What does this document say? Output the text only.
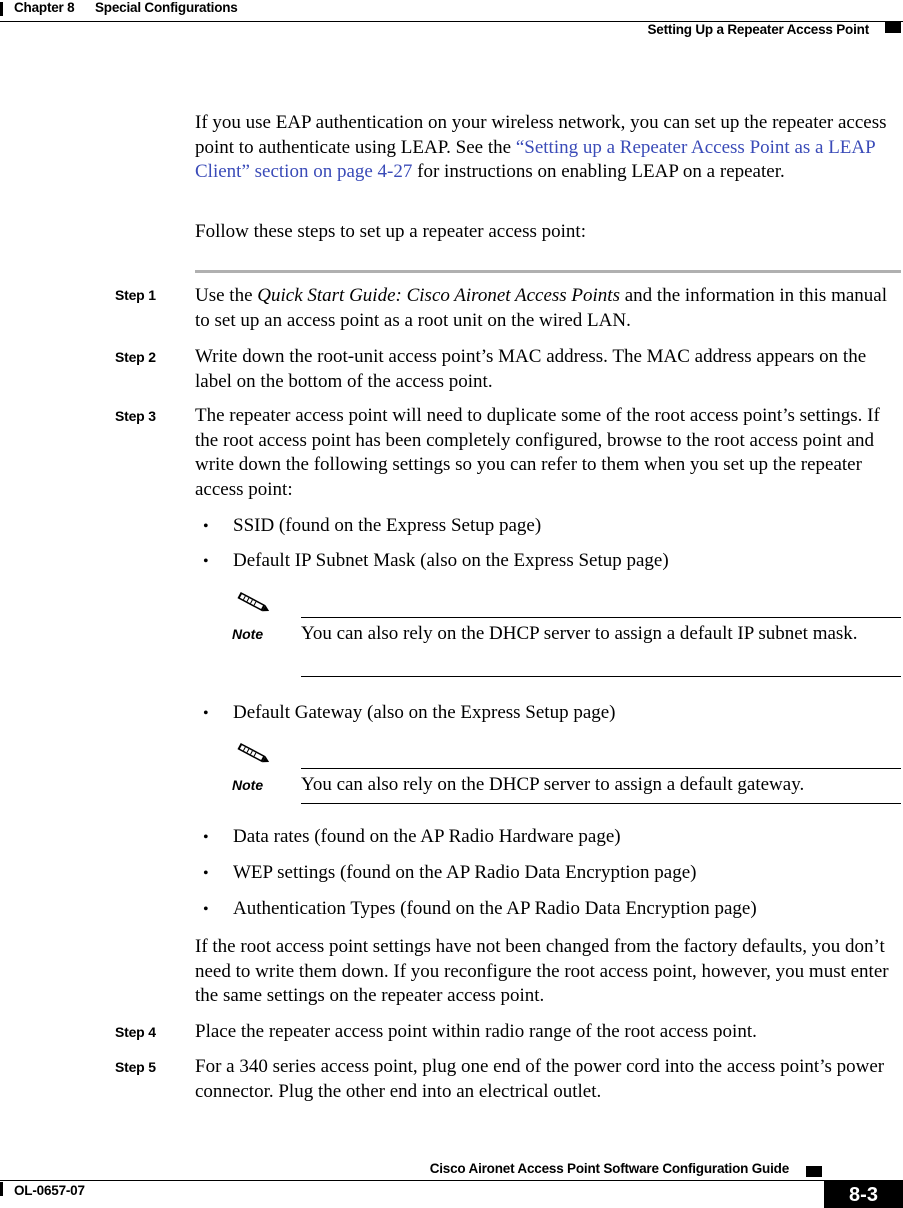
Chapter 8 Special Configurations
Setting Up a Repeater Access Point
If you use EAP authentication on your wireless network, you can set up the repeater access point to authenticate using LEAP. See the “Setting up a Repeater Access Point as a LEAP Client” section on page 4-27 for instructions on enabling LEAP on a repeater.
Follow these steps to set up a repeater access point:
Step 1 Use the Quick Start Guide: Cisco Aironet Access Points and the information in this manual to set up an access point as a root unit on the wired LAN.
Step 2 Write down the root-unit access point’s MAC address. The MAC address appears on the label on the bottom of the access point.
Step 3 The repeater access point will need to duplicate some of the root access point’s settings. If the root access point has been completely configured, browse to the root access point and write down the following settings so you can refer to them when you set up the repeater access point:
• SSID (found on the Express Setup page)
• Default IP Subnet Mask (also on the Express Setup page)
Note You can also rely on the DHCP server to assign a default IP subnet mask.
• Default Gateway (also on the Express Setup page)
Note You can also rely on the DHCP server to assign a default gateway.
• Data rates (found on the AP Radio Hardware page)
• WEP settings (found on the AP Radio Data Encryption page)
• Authentication Types (found on the AP Radio Data Encryption page)
If the root access point settings have not been changed from the factory defaults, you don’t need to write them down. If you reconfigure the root access point, however, you must enter the same settings on the repeater access point.
Step 4 Place the repeater access point within radio range of the root access point.
Step 5 For a 340 series access point, plug one end of the power cord into the access point’s power connector. Plug the other end into an electrical outlet.
Cisco Aironet Access Point Software Configuration Guide
OL-0657-07	8-3
